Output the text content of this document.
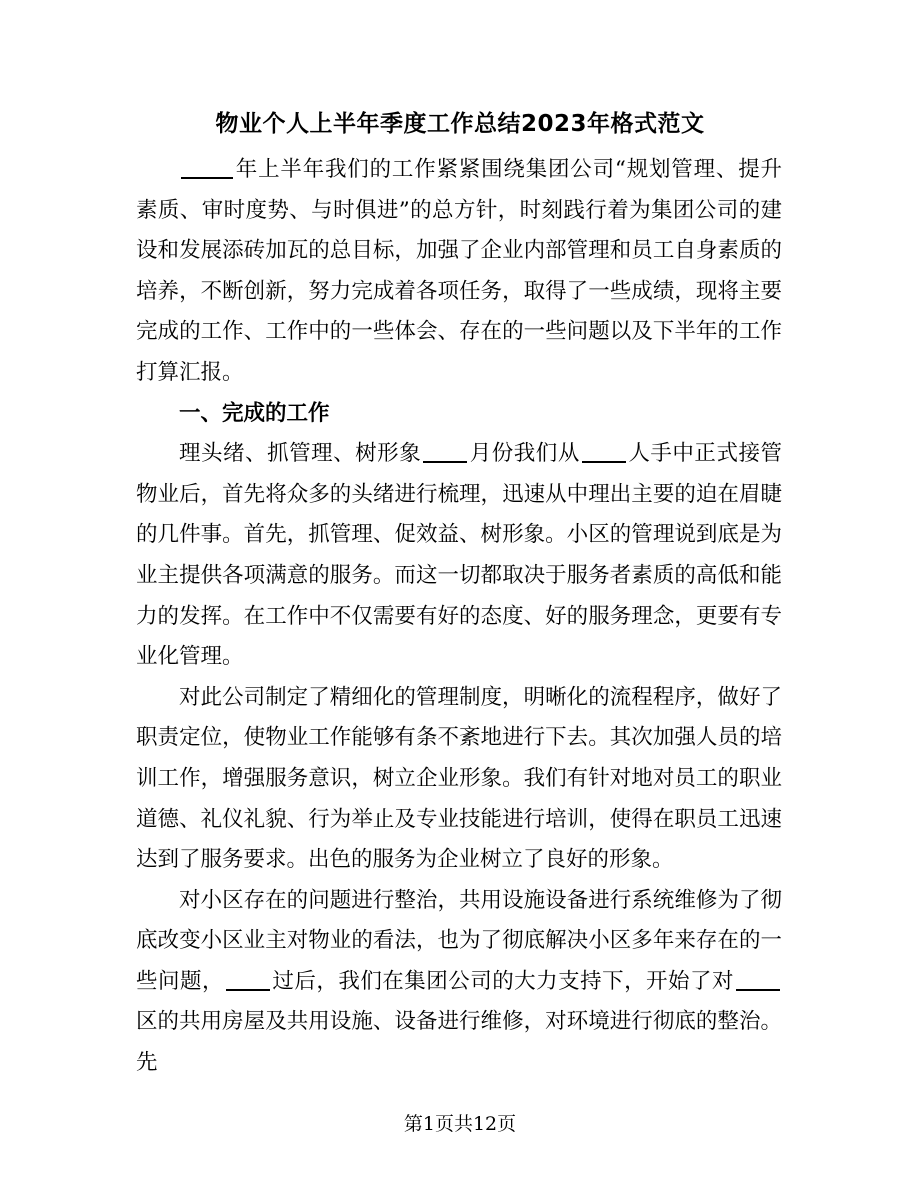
物业个人上半年季度工作总结2023年格式范文

年上半年我们的工作紧紧围绕集团公司“规划管理、提升素质、审时度势、与时俱进”的总方针，时刻践行着为集团公司的建设和发展添砖加瓦的总目标，加强了企业内部管理和员工自身素质的培养，不断创新，努力完成着各项任务，取得了一些成绩，现将主要完成的工作、工作中的一些体会、存在的一些问题以及下半年的工作打算汇报。

一、完成的工作

理头绪、抓管理、树形象 月份我们从 人手中正式接管物业后，首先将众多的头绪进行梳理，迅速从中理出主要的迫在眉睫的几件事。首先，抓管理、促效益、树形象。小区的管理说到底是为业主提供各项满意的服务。而这一切都取决于服务者素质的高低和能力的发挥。在工作中不仅需要有好的态度、好的服务理念，更要有专业化管理。

对此公司制定了精细化的管理制度，明晰化的流程程序，做好了职责定位，使物业工作能够有条不紊地进行下去。其次加强人员的培训工作，增强服务意识，树立企业形象。我们有针对地对员工的职业道德、礼仪礼貌、行为举止及专业技能进行培训，使得在职员工迅速达到了服务要求。出色的服务为企业树立了良好的形象。

对小区存在的问题进行整治，共用设施设备进行系统维修为了彻底改变小区业主对物业的看法，也为了彻底解决小区多年来存在的一些问题， 过后，我们在集团公司的大力支持下，开始了对区的共用房屋及共用设施、设备进行维修，对环境进行彻底的整治。先

第1页共12页
